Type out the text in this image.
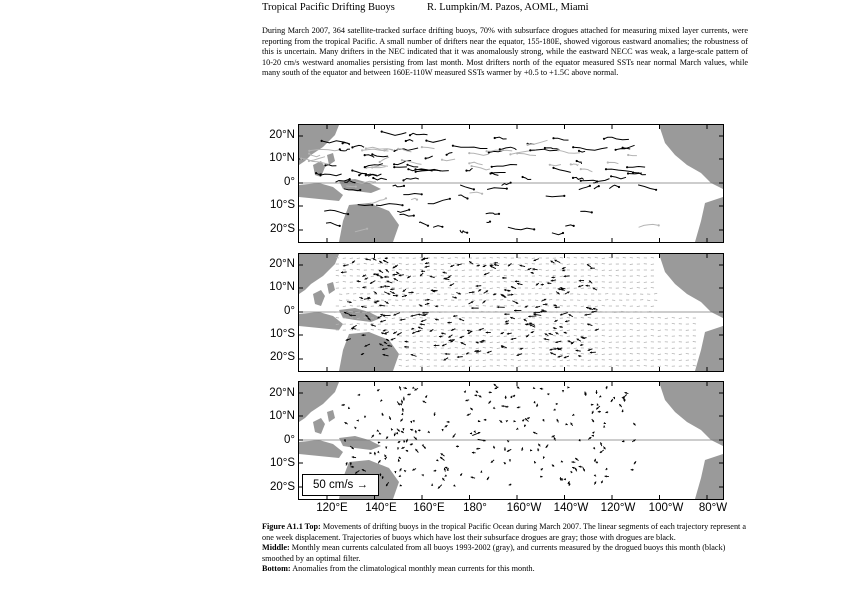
Tropical Pacific Drifting Buoys	R. Lumpkin/M. Pazos, AOML, Miami
During March 2007, 364 satellite-tracked surface drifting buoys, 70% with subsurface drogues attached for measuring mixed layer currents, were reporting from the tropical Pacific. A small number of drifters near the equator, 155-180E, showed vigorous eastward anomalies; the robustness of this is uncertain. Many drifters in the NEC indicated that it was anomalously strong, while the eastward NECC was weak, a large-scale pattern of 10-20 cm/s westward anomalies persisting from last month. Most drifters north of the equator measured SSTs near normal March values, while many south of the equator and between 160E-110W measured SSTs warmer by +0.5 to +1.5C above normal.
20°N
10°N
0°
10°S
20°S
20°N
10°N
0°
10°S
20°S
20°N
10°N
0°
10°S
20°S
120°E	140°E	160°E	180°	160°W	140°W	120°W	100°W	80°W
50 cm/s →

Figure A1.1 Top: Movements of drifting buoys in the tropical Pacific Ocean during March 2007. The linear segments of each trajectory represent a one week displacement. Trajectories of buoys which have lost their subsurface drogues are gray; those with drogues are black.

Middle: Monthly mean currents calculated from all buoys 1993-2002 (gray), and currents measured by the drogued buoys this month (black) smoothed by an optimal filter.

Bottom: Anomalies from the climatological monthly mean currents for this month.
